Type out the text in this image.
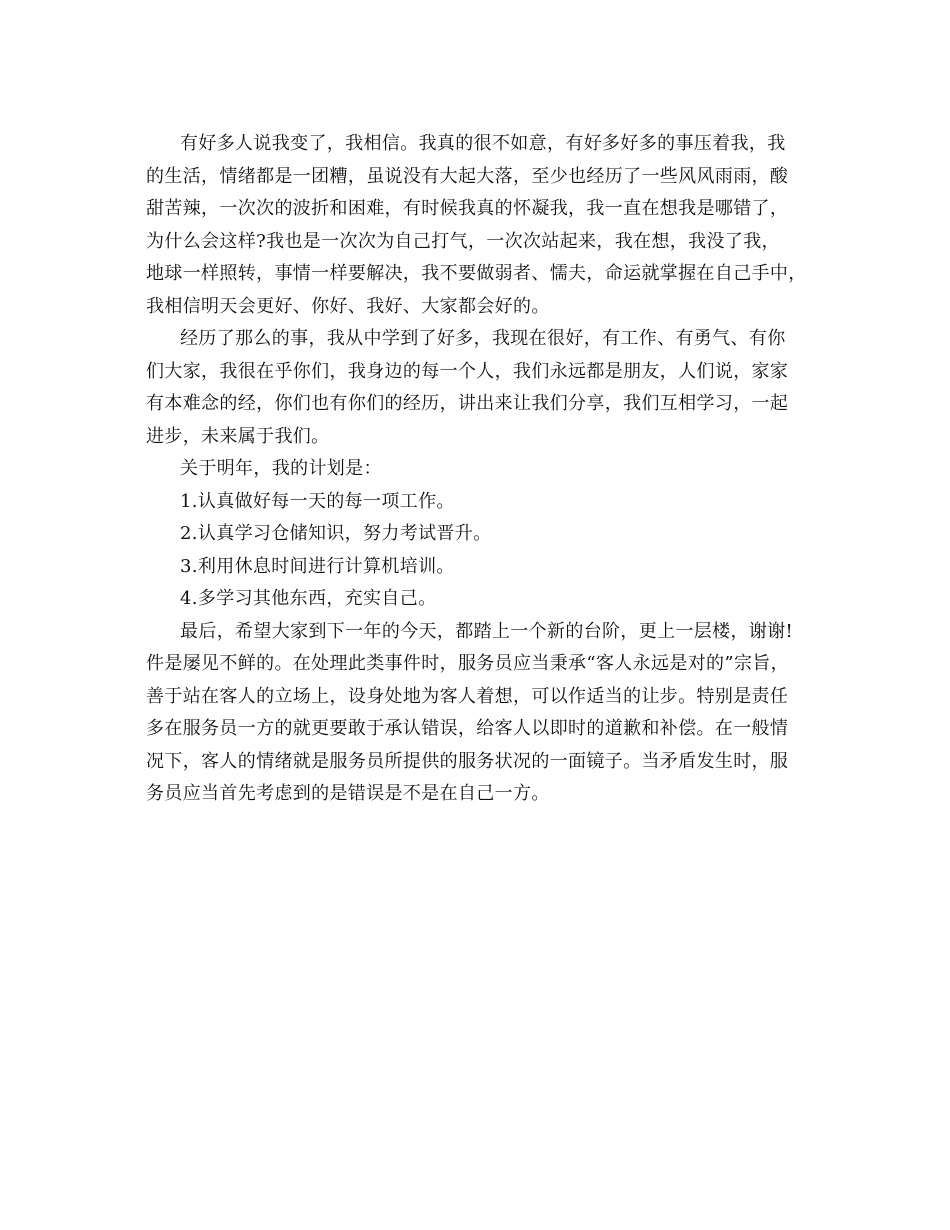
有好多人说我变了，我相信。我真的很不如意，有好多好多的事压着我，我
的生活，情绪都是一团糟，虽说没有大起大落，至少也经历了一些风风雨雨，酸
甜苦辣，一次次的波折和困难，有时候我真的怀凝我，我一直在想我是哪错了，
为什么会这样?我也是一次次为自己打气，一次次站起来，我在想，我没了我，
地球一样照转，事情一样要解决，我不要做弱者、懦夫，命运就掌握在自己手中，
我相信明天会更好、你好、我好、大家都会好的。
经历了那么的事，我从中学到了好多，我现在很好，有工作、有勇气、有你
们大家，我很在乎你们，我身边的每一个人，我们永远都是朋友，人们说，家家
有本难念的经，你们也有你们的经历，讲出来让我们分享，我们互相学习，一起
进步，未来属于我们。
关于明年，我的计划是：
1.认真做好每一天的每一项工作。
2.认真学习仓储知识，努力考试晋升。
3.利用休息时间进行计算机培训。
4.多学习其他东西，充实自己。
最后，希望大家到下一年的今天，都踏上一个新的台阶，更上一层楼，谢谢!
件是屡见不鲜的。在处理此类事件时，服务员应当秉承“客人永远是对的”宗旨，
善于站在客人的立场上，设身处地为客人着想，可以作适当的让步。特别是责任
多在服务员一方的就更要敢于承认错误，给客人以即时的道歉和补偿。在一般情
况下，客人的情绪就是服务员所提供的服务状况的一面镜子。当矛盾发生时，服
务员应当首先考虑到的是错误是不是在自己一方。
